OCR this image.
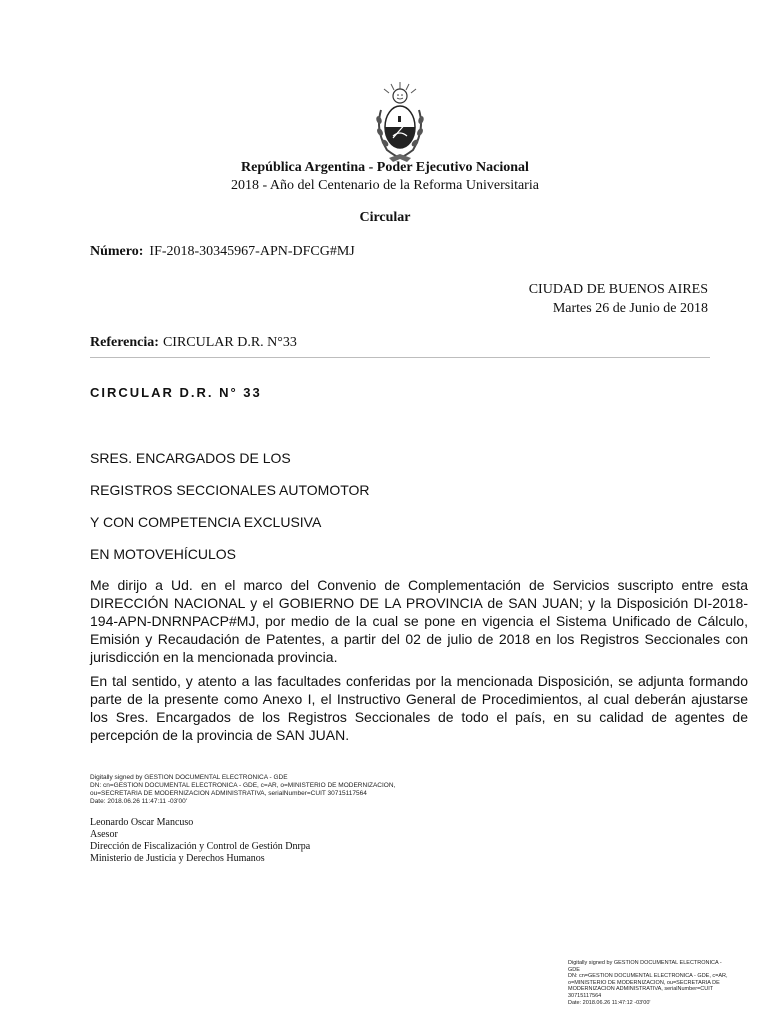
República Argentina - Poder Ejecutivo Nacional
2018 - Año del Centenario de la Reforma Universitaria
Circular
Número: IF-2018-30345967-APN-DFCG#MJ
CIUDAD DE BUENOS AIRES
Martes 26 de Junio de 2018
Referencia: CIRCULAR D.R. N°33
CIRCULAR D.R. N° 33
SRES. ENCARGADOS DE LOS
REGISTROS SECCIONALES AUTOMOTOR
Y CON COMPETENCIA EXCLUSIVA
EN MOTOVEHÍCULOS
Me dirijo a Ud. en el marco del Convenio de Complementación de Servicios suscripto entre esta DIRECCIÓN NACIONAL y el GOBIERNO DE LA PROVINCIA de SAN JUAN; y la Disposición DI-2018-194-APN-DNRNPACP#MJ, por medio de la cual se pone en vigencia el Sistema Unificado de Cálculo, Emisión y Recaudación de Patentes, a partir del 02 de julio de 2018 en los Registros Seccionales con jurisdicción en la mencionada provincia.
En tal sentido, y atento a las facultades conferidas por la mencionada Disposición, se adjunta formando parte de la presente como Anexo I, el Instructivo General de Procedimientos, al cual deberán ajustarse los Sres. Encargados de los Registros Seccionales de todo el país, en su calidad de agentes de percepción de la provincia de SAN JUAN.
Digitally signed by GESTION DOCUMENTAL ELECTRONICA - GDE
DN: cn=GESTION DOCUMENTAL ELECTRONICA - GDE, c=AR, o=MINISTERIO DE MODERNIZACION,
ou=SECRETARIA DE MODERNIZACION ADMINISTRATIVA, serialNumber=CUIT 30715117564
Date: 2018.06.26 11:47:11 -03'00'
Leonardo Oscar Mancuso
Asesor
Dirección de Fiscalización y Control de Gestión Dnrpa
Ministerio de Justicia y Derechos Humanos
Digitally signed by GESTION DOCUMENTAL ELECTRONICA -
GDE
DN: cn=GESTION DOCUMENTAL ELECTRONICA - GDE, c=AR,
o=MINISTERIO DE MODERNIZACION, ou=SECRETARIA DE
MODERNIZACION ADMINISTRATIVA, serialNumber=CUIT
30715117564
Date: 2018.06.26 11:47:12 -03'00'
